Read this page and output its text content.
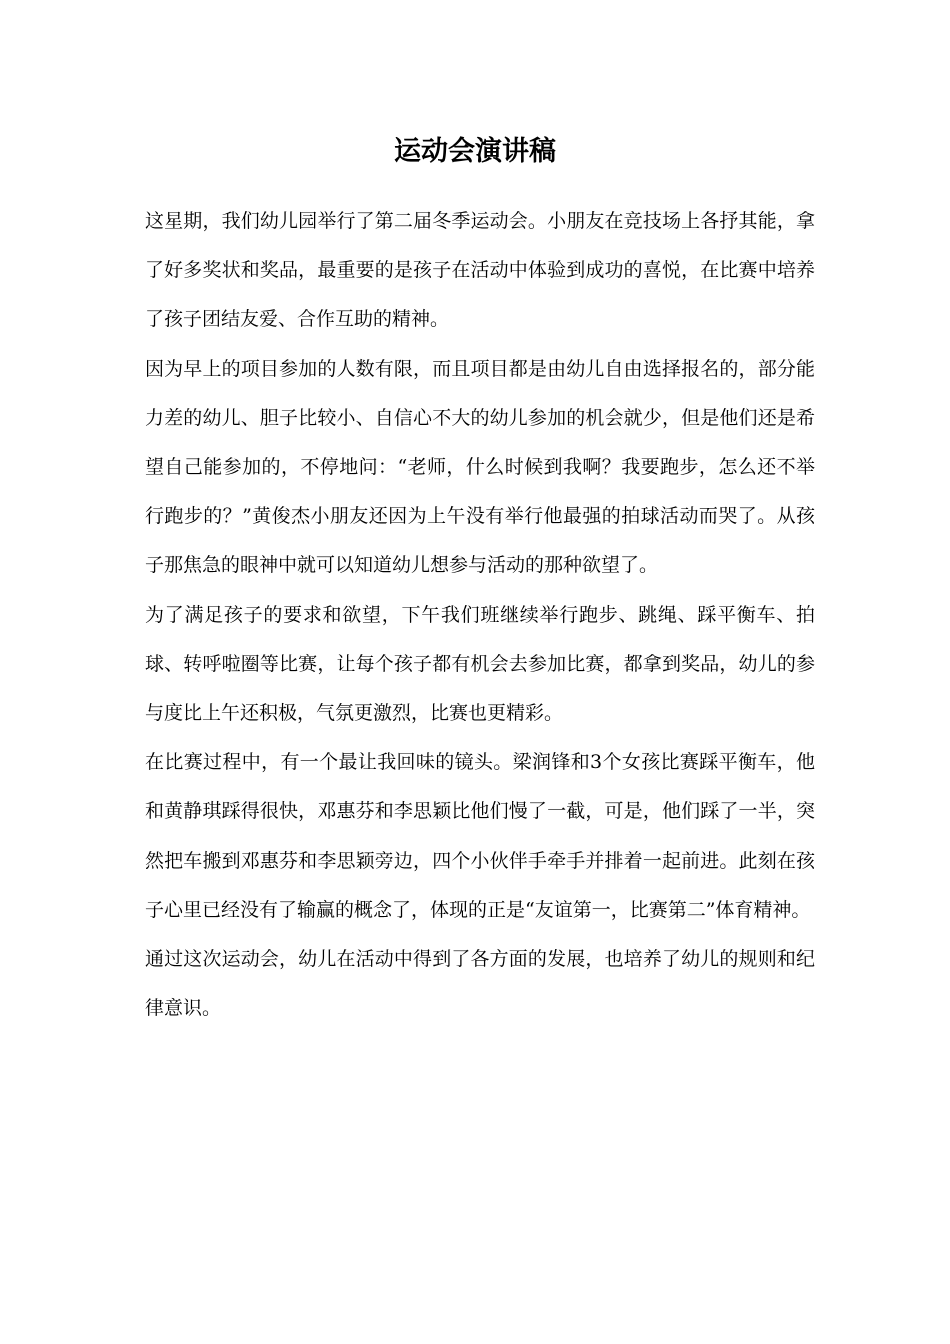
运动会演讲稿

这星期，我们幼儿园举行了第二届冬季运动会。小朋友在竞技场上各抒其能，拿了好多奖状和奖品，最重要的是孩子在活动中体验到成功的喜悦，在比赛中培养了孩子团结友爱、合作互助的精神。

因为早上的项目参加的人数有限，而且项目都是由幼儿自由选择报名的，部分能力差的幼儿、胆子比较小、自信心不大的幼儿参加的机会就少，但是他们还是希望自己能参加的，不停地问：“老师，什么时候到我啊？我要跑步，怎么还不举行跑步的？”黄俊杰小朋友还因为上午没有举行他最强的拍球活动而哭了。从孩子那焦急的眼神中就可以知道幼儿想参与活动的那种欲望了。

为了满足孩子的要求和欲望，下午我们班继续举行跑步、跳绳、踩平衡车、拍球、转呼啦圈等比赛，让每个孩子都有机会去参加比赛，都拿到奖品，幼儿的参与度比上午还积极，气氛更激烈，比赛也更精彩。

在比赛过程中，有一个最让我回味的镜头。梁润锋和3个女孩比赛踩平衡车，他和黄静琪踩得很快，邓惠芬和李思颖比他们慢了一截，可是，他们踩了一半，突然把车搬到邓惠芬和李思颖旁边，四个小伙伴手牵手并排着一起前进。此刻在孩子心里已经没有了输赢的概念了，体现的正是“友谊第一，比赛第二”体育精神。

通过这次运动会，幼儿在活动中得到了各方面的发展，也培养了幼儿的规则和纪律意识。
